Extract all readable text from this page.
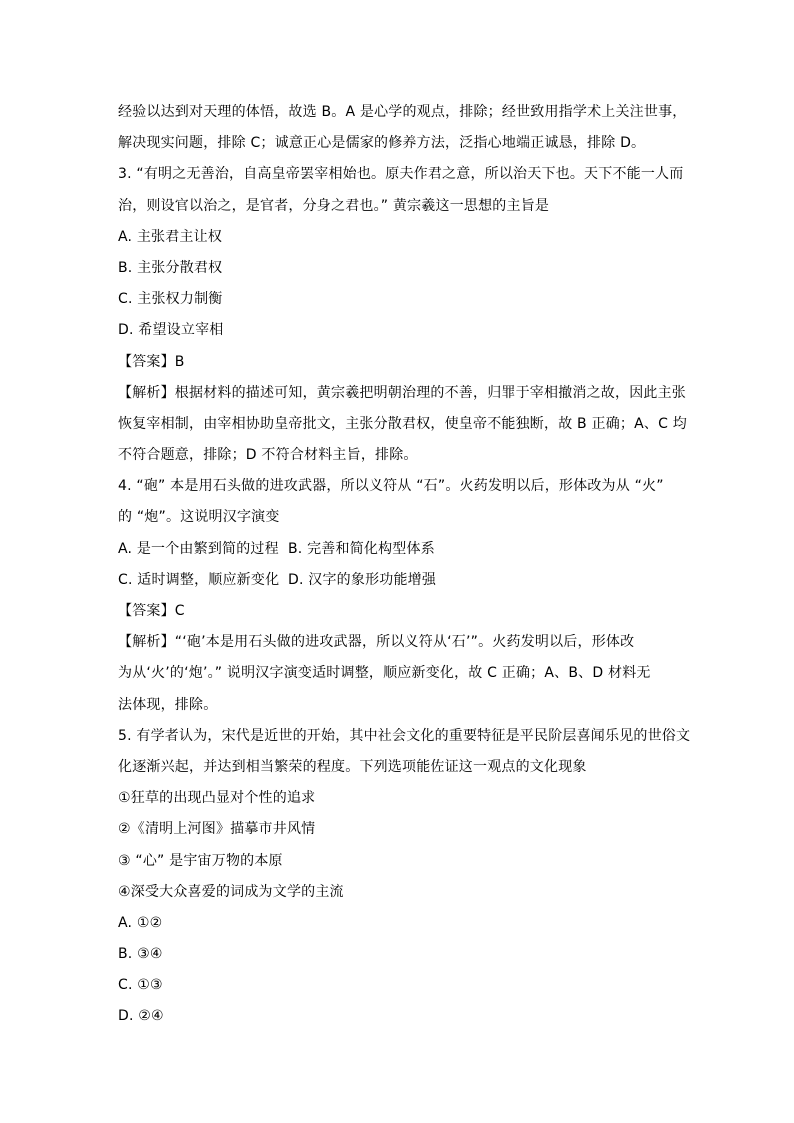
经验以达到对天理的体悟，故选 B。A 是心学的观点，排除；经世致用指学术上关注世事，
解决现实问题，排除 C；诚意正心是儒家的修养方法，泛指心地端正诚恳，排除 D。
3. “有明之无善治，自高皇帝罢宰相始也。原夫作君之意，所以治天下也。天下不能一人而
治，则设官以治之，是官者，分身之君也。” 黄宗羲这一思想的主旨是
A. 主张君主让权
B. 主张分散君权
C. 主张权力制衡
D. 希望设立宰相
【答案】B
【解析】根据材料的描述可知，黄宗羲把明朝治理的不善，归罪于宰相撤消之故，因此主张
恢复宰相制，由宰相协助皇帝批文，主张分散君权，使皇帝不能独断，故 B 正确；A、C 均
不符合题意，排除；D 不符合材料主旨，排除。
4. “砲” 本是用石头做的进攻武器，所以义符从 “石”。火药发明以后，形体改为从 “火”
的 “炮”。这说明汉字演变
A. 是一个由繁到简的过程 B. 完善和简化构型体系
C. 适时调整，顺应新变化 D. 汉字的象形功能增强
【答案】C
【解析】“‘砲’本是用石头做的进攻武器，所以义符从‘石’”。火药发明以后，形体改
为从‘火’的‘炮’。” 说明汉字演变适时调整，顺应新变化，故 C 正确；A、B、D 材料无
法体现，排除。
5. 有学者认为，宋代是近世的开始，其中社会文化的重要特征是平民阶层喜闻乐见的世俗文
化逐渐兴起，并达到相当繁荣的程度。下列选项能佐证这一观点的文化现象
①狂草的出现凸显对个性的追求
②《清明上河图》描摹市井风情
③ “心” 是宇宙万物的本原
④深受大众喜爱的词成为文学的主流
A. ①②
B. ③④
C. ①③
D. ②④
